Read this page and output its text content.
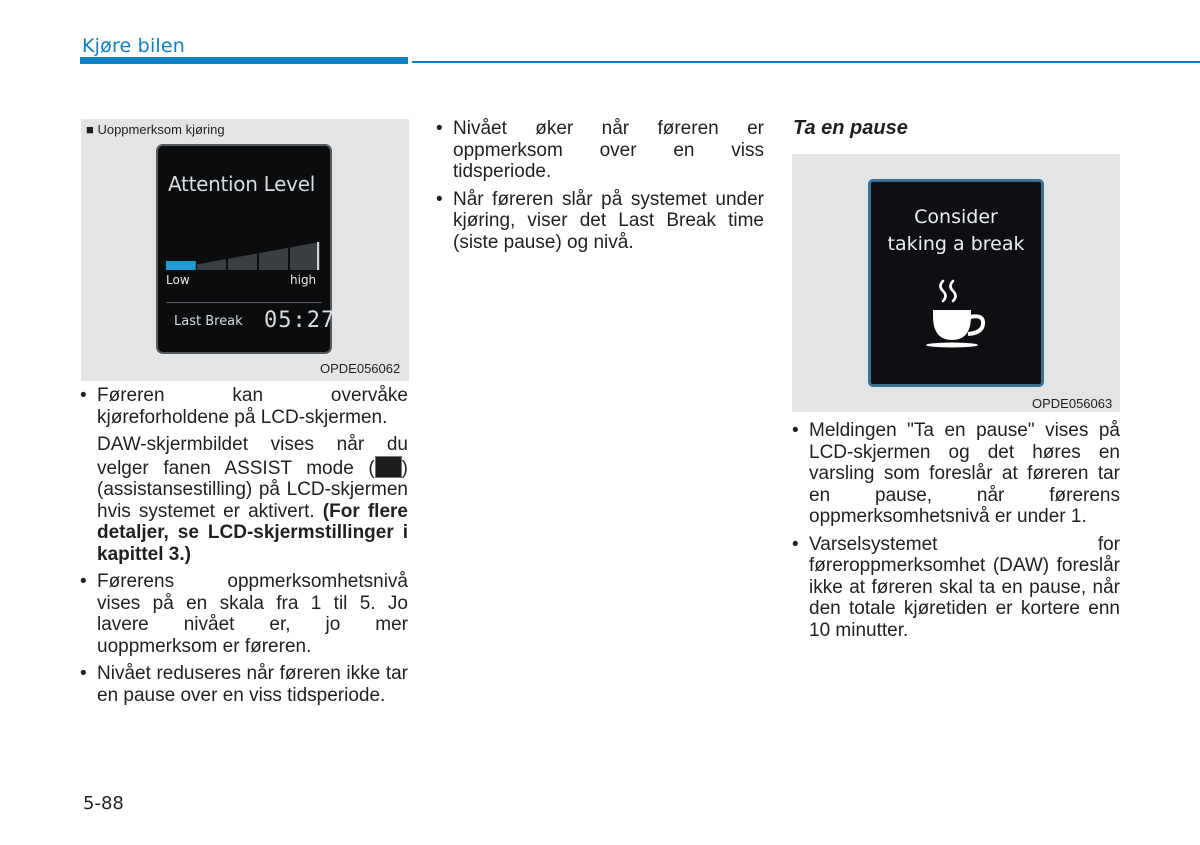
Kjøre bilen
■ Uoppmerksom kjøring
Attention Level
Low	high
Last Break 05:27
OPDE056062

• Føreren kan overvåke kjøreforholdene på LCD-skjermen.

DAW-skjermbildet vises når du velger fanen ASSIST mode ( ) (assistansestilling) på LCD-skjermen hvis systemet er aktivert. (For flere detaljer, se LCD-skjermstillinger i kapittel 3.)

• Førerens oppmerksomhetsnivå vises på en skala fra 1 til 5. Jo lavere nivået er, jo mer uoppmerksom er føreren.

• Nivået reduseres når føreren ikke tar en pause over en viss tidsperiode.

• Nivået øker når føreren er oppmerksom over en viss tidsperiode.

• Når føreren slår på systemet under kjøring, viser det Last Break time (siste pause) og nivå.

Ta en pause
Consider
taking a break
OPDE056063

• Meldingen "Ta en pause" vises på LCD-skjermen og det høres en varsling som foreslår at føreren tar en pause, når førerens oppmerksomhetsnivå er under 1.

• Varselsystemet for føreroppmerksomhet (DAW) foreslår ikke at føreren skal ta en pause, når den totale kjøretiden er kortere enn 10 minutter.

5-88
